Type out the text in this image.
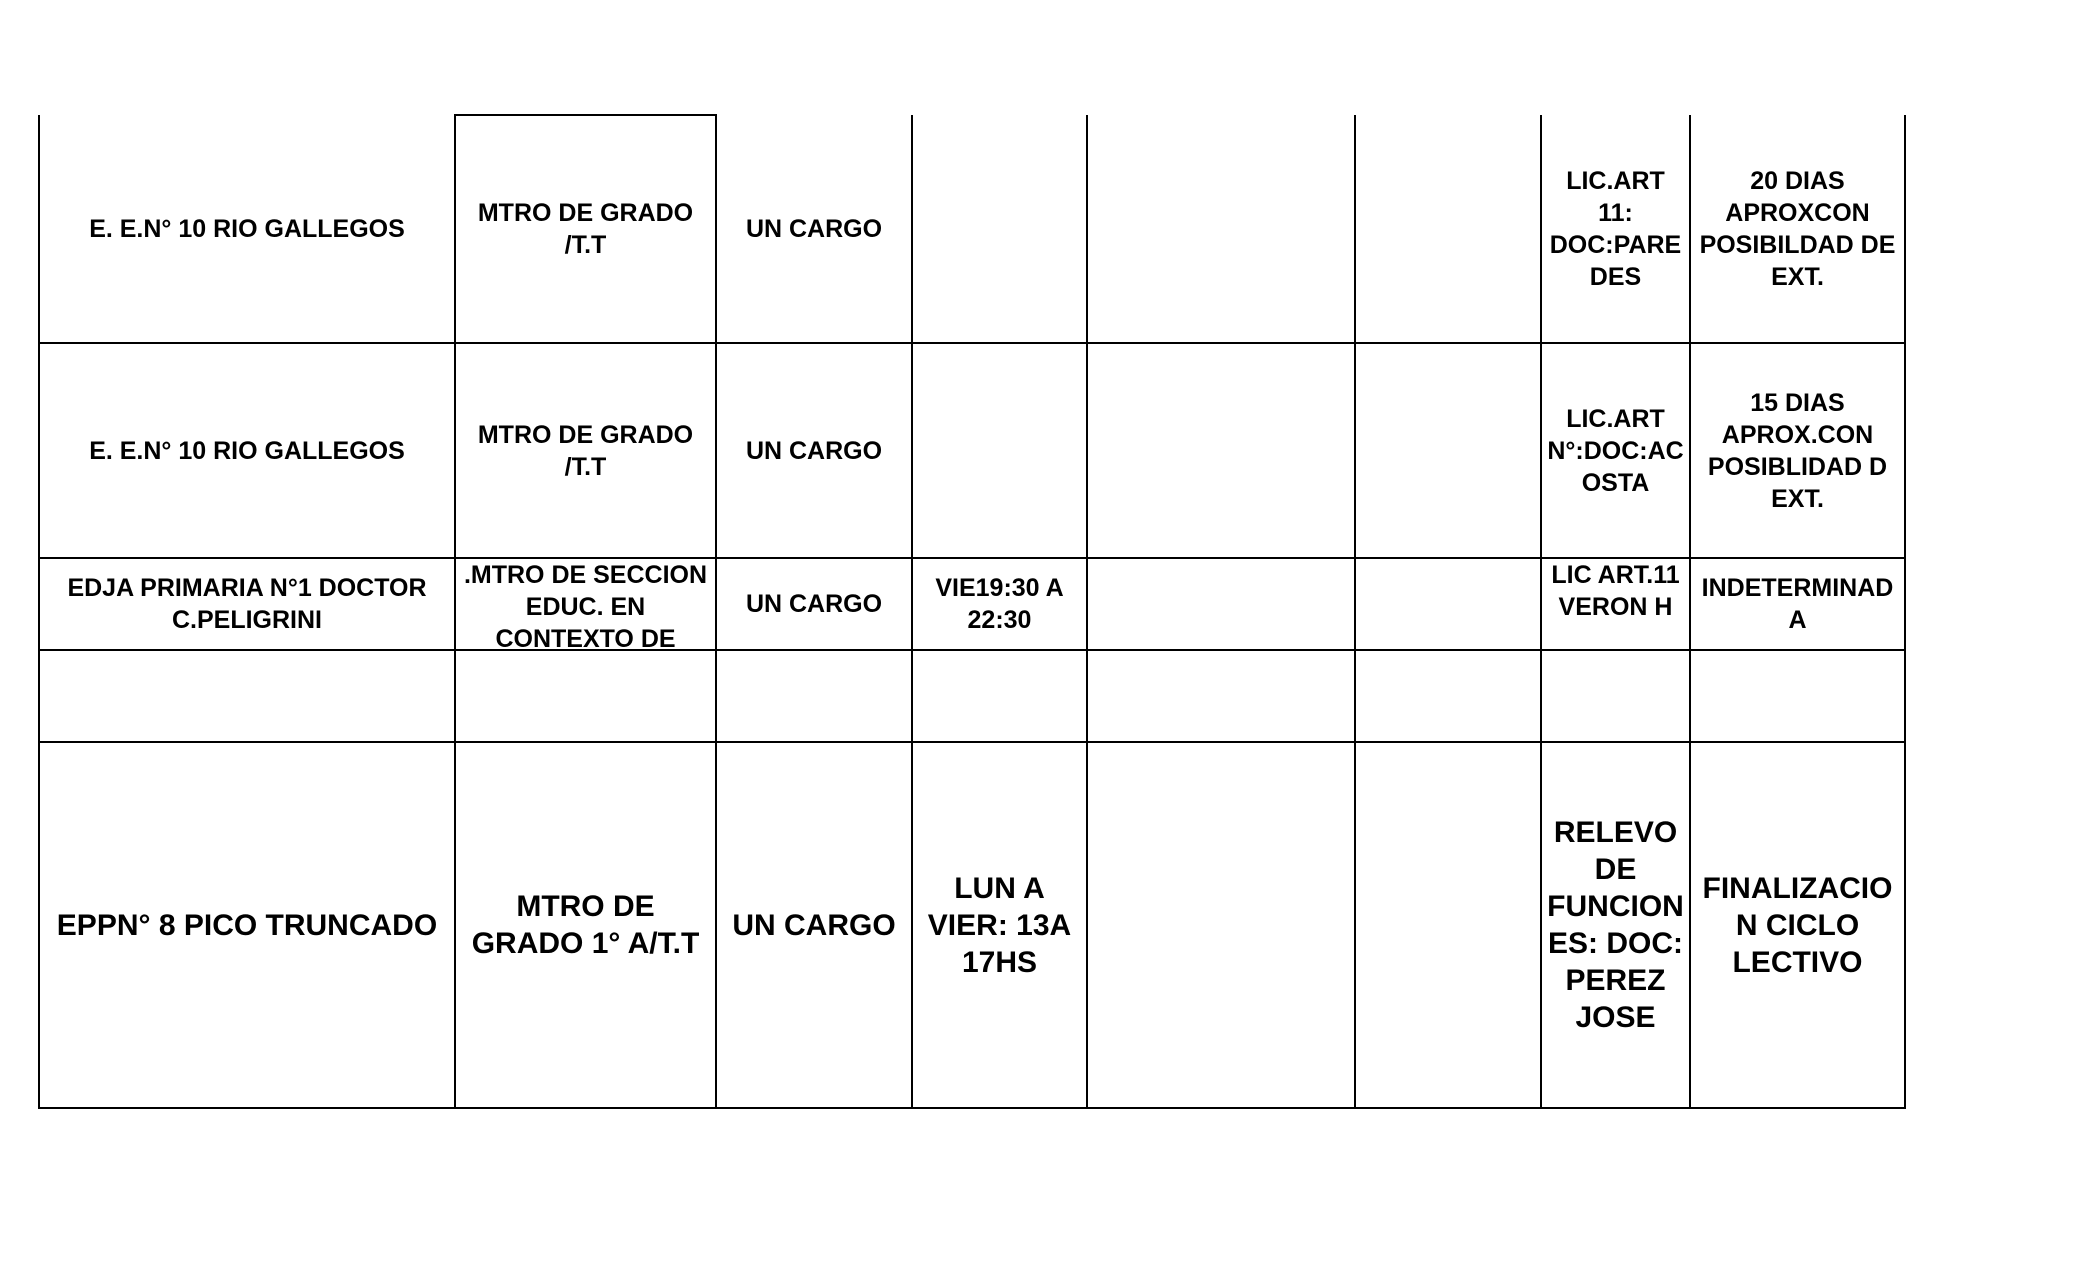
E. E.N° 10 RIO GALLEGOS	MTRO DE GRADO /T.T	UN CARGO				LIC.ART 11: DOC:PARE DES	20 DIAS APROXCON POSIBILDAD DE EXT.
E. E.N° 10 RIO GALLEGOS	MTRO DE GRADO /T.T	UN CARGO				LIC.ART N°:DOC:AC OSTA	15 DIAS APROX.CON POSIBLIDAD D EXT.
EDJA PRIMARIA N°1 DOCTOR C.PELIGRINI	.MTRO DE SECCION EDUC. EN CONTEXTO DE	UN CARGO	VIE19:30 A 22:30			LIC ART.11 VERON H	INDETERMINAD A

EPPN° 8 PICO TRUNCADO	MTRO DE GRADO 1° A/T.T	UN CARGO	LUN A VIER: 13A 17HS			RELEVO DE FUNCION ES: DOC: PEREZ JOSE	FINALIZACIO N CICLO LECTIVO
